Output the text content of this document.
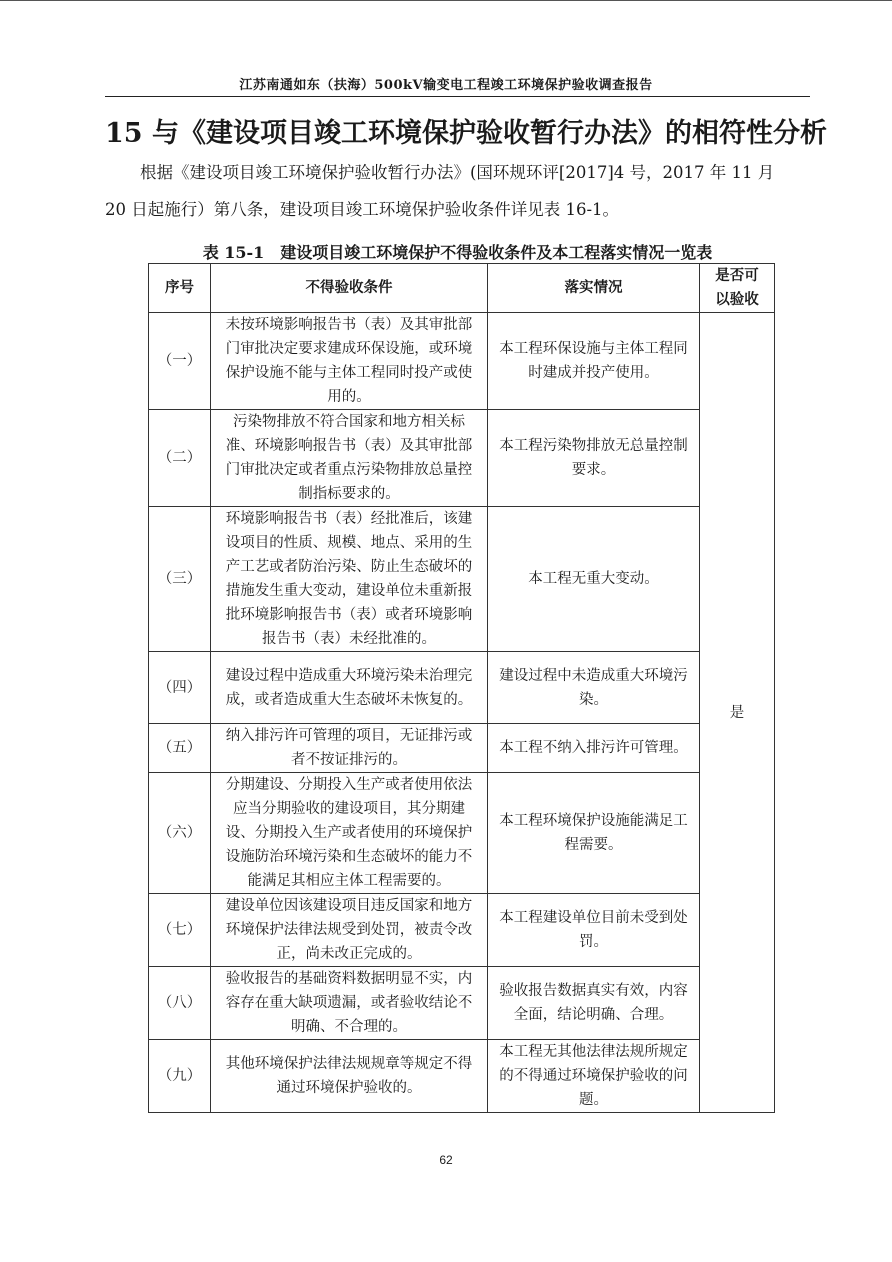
江苏南通如东（扶海）500kV输变电工程竣工环境保护验收调查报告
15 与《建设项目竣工环境保护验收暂行办法》的相符性分析

根据《建设项目竣工环境保护验收暂行办法》(国环规环评[2017]4 号，2017 年 11 月

20 日起施行）第八条，建设项目竣工环境保护验收条件详见表 16-1。

表 15-1　建设项目竣工环境保护不得验收条件及本工程落实情况一览表
序号	不得验收条件	落实情况	是否可以验收
（一）	未按环境影响报告书（表）及其审批部门审批决定要求建成环保设施，或环境保护设施不能与主体工程同时投产或使用的。	本工程环保设施与主体工程同时建成并投产使用。	是
（二）	污染物排放不符合国家和地方相关标准、环境影响报告书（表）及其审批部门审批决定或者重点污染物排放总量控制指标要求的。	本工程污染物排放无总量控制要求。	
（三）	环境影响报告书（表）经批准后，该建设项目的性质、规模、地点、采用的生产工艺或者防治污染、防止生态破坏的措施发生重大变动，建设单位未重新报批环境影响报告书（表）或者环境影响报告书（表）未经批准的。	本工程无重大变动。	
（四）	建设过程中造成重大环境污染未治理完成，或者造成重大生态破坏未恢复的。	建设过程中未造成重大环境污染。	
（五）	纳入排污许可管理的项目，无证排污或者不按证排污的。	本工程不纳入排污许可管理。	
（六）	分期建设、分期投入生产或者使用依法应当分期验收的建设项目，其分期建设、分期投入生产或者使用的环境保护设施防治环境污染和生态破坏的能力不能满足其相应主体工程需要的。	本工程环境保护设施能满足工程需要。	
（七）	建设单位因该建设项目违反国家和地方环境保护法律法规受到处罚，被责令改正，尚未改正完成的。	本工程建设单位目前未受到处罚。	
（八）	验收报告的基础资料数据明显不实，内容存在重大缺项遗漏，或者验收结论不明确、不合理的。	验收报告数据真实有效，内容全面，结论明确、合理。	
（九）	其他环境保护法律法规规章等规定不得通过环境保护验收的。	本工程无其他法律法规所规定的不得通过环境保护验收的问题。	
62
